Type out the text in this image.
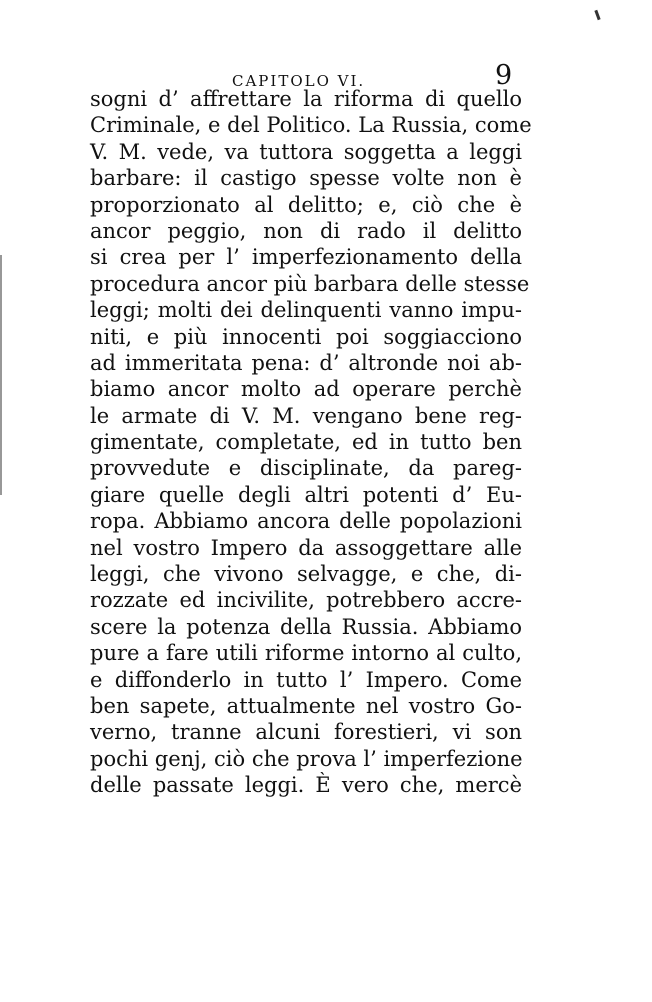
CAPITOLO VI.	9
sogni d’ affrettare la riforma di quello
Criminale, e del Politico. La Russia, come
V. M. vede, va tuttora soggetta a leggi
barbare: il castigo spesse volte non è
proporzionato al delitto; e, ciò che è
ancor peggio, non di rado il delitto
si crea per l’ imperfezionamento della
procedura ancor più barbara delle stesse
leggi; molti dei delinquenti vanno impu-
niti, e più innocenti poi soggiacciono
ad immeritata pena: d’ altronde noi ab-
biamo ancor molto ad operare perchè
le armate di V. M. vengano bene reg-
gimentate, completate, ed in tutto ben
provvedute e disciplinate, da pareg-
giare quelle degli altri potenti d’ Eu-
ropa. Abbiamo ancora delle popolazioni
nel vostro Impero da assoggettare alle
leggi, che vivono selvagge, e che, di-
rozzate ed incivilite, potrebbero accre-
scere la potenza della Russia. Abbiamo
pure a fare utili riforme intorno al culto,
e diffonderlo in tutto l’ Impero. Come
ben sapete, attualmente nel vostro Go-
verno, tranne alcuni forestieri, vi son
pochi genj, ciò che prova l’ imperfezione
delle passate leggi. È vero che, mercè
